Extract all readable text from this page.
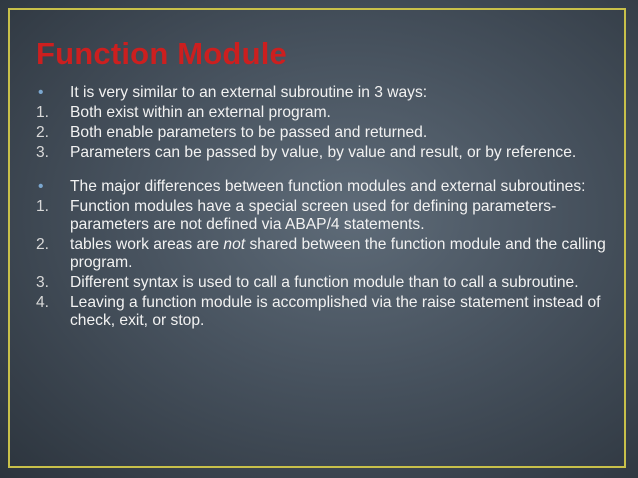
Function Module
•	It is very similar to an external subroutine in 3 ways:
1.	Both exist within an external program.
2.	Both enable parameters to be passed and returned.
3.	Parameters can be passed by value, by value and result, or by reference.
•	The major differences between function modules and external subroutines:
1.	Function modules have a special screen used for defining parameters-parameters are not defined via ABAP/4 statements.
2.	tables work areas are not shared between the function module and the calling program.
3.	Different syntax is used to call a function module than to call a subroutine.
4.	Leaving a function module is accomplished via the raise statement instead of check, exit, or stop.
